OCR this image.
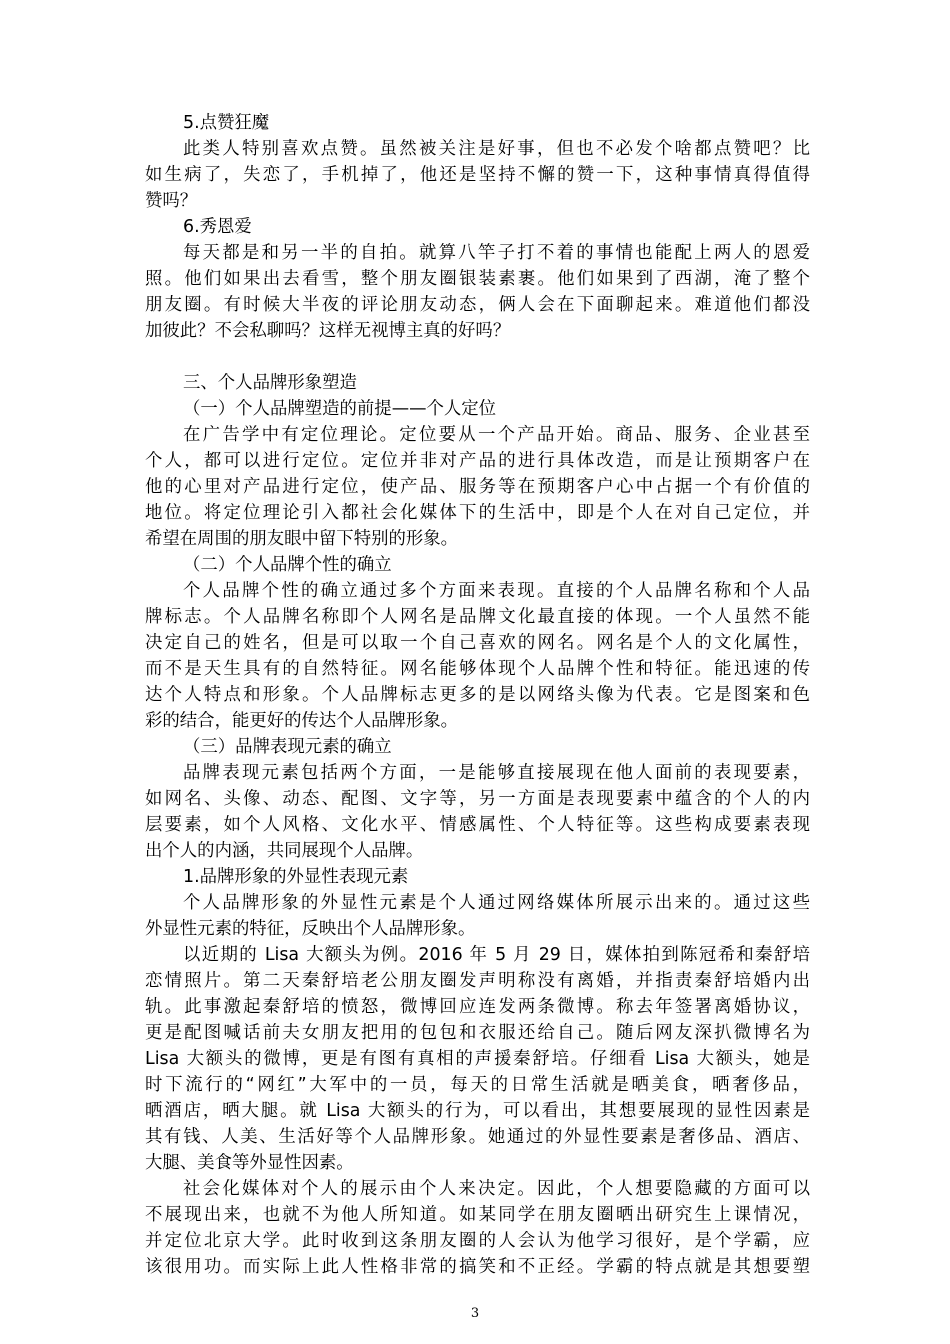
5.点赞狂魔
此类人特别喜欢点赞。虽然被关注是好事，但也不必发个啥都点赞吧？比
如生病了，失恋了，手机掉了，他还是坚持不懈的赞一下，这种事情真得值得
赞吗？
6.秀恩爱
每天都是和另一半的自拍。就算八竿子打不着的事情也能配上两人的恩爱
照。他们如果出去看雪，整个朋友圈银装素裹。他们如果到了西湖，淹了整个
朋友圈。有时候大半夜的评论朋友动态，俩人会在下面聊起来。难道他们都没
加彼此？不会私聊吗？这样无视博主真的好吗？
三、个人品牌形象塑造
（一）个人品牌塑造的前提——个人定位
在广告学中有定位理论。定位要从一个产品开始。商品、服务、企业甚至
个人，都可以进行定位。定位并非对产品的进行具体改造，而是让预期客户在
他的心里对产品进行定位，使产品、服务等在预期客户心中占据一个有价值的
地位。将定位理论引入都社会化媒体下的生活中，即是个人在对自己定位，并
希望在周围的朋友眼中留下特别的形象。
（二）个人品牌个性的确立
个人品牌个性的确立通过多个方面来表现。直接的个人品牌名称和个人品
牌标志。个人品牌名称即个人网名是品牌文化最直接的体现。一个人虽然不能
决定自己的姓名，但是可以取一个自己喜欢的网名。网名是个人的文化属性，
而不是天生具有的自然特征。网名能够体现个人品牌个性和特征。能迅速的传
达个人特点和形象。个人品牌标志更多的是以网络头像为代表。它是图案和色
彩的结合，能更好的传达个人品牌形象。
（三）品牌表现元素的确立
品牌表现元素包括两个方面，一是能够直接展现在他人面前的表现要素，
如网名、头像、动态、配图、文字等，另一方面是表现要素中蕴含的个人的内
层要素，如个人风格、文化水平、情感属性、个人特征等。这些构成要素表现
出个人的内涵，共同展现个人品牌。
1.品牌形象的外显性表现元素
个人品牌形象的外显性元素是个人通过网络媒体所展示出来的。通过这些
外显性元素的特征，反映出个人品牌形象。
以近期的 Lisa 大额头为例。2016 年 5 月 29 日，媒体拍到陈冠希和秦舒培
恋情照片。第二天秦舒培老公朋友圈发声明称没有离婚，并指责秦舒培婚内出
轨。此事激起秦舒培的愤怒，微博回应连发两条微博。称去年签署离婚协议，
更是配图喊话前夫女朋友把用的包包和衣服还给自己。随后网友深扒微博名为
Lisa 大额头的微博，更是有图有真相的声援秦舒培。仔细看 Lisa 大额头，她是
时下流行的“网红”大军中的一员，每天的日常生活就是晒美食，晒奢侈品，
晒酒店，晒大腿。就 Lisa 大额头的行为，可以看出，其想要展现的显性因素是
其有钱、人美、生活好等个人品牌形象。她通过的外显性要素是奢侈品、酒店、
大腿、美食等外显性因素。
社会化媒体对个人的展示由个人来决定。因此，个人想要隐藏的方面可以
不展现出来，也就不为他人所知道。如某同学在朋友圈晒出研究生上课情况，
并定位北京大学。此时收到这条朋友圈的人会认为他学习很好，是个学霸，应
该很用功。而实际上此人性格非常的搞笑和不正经。学霸的特点就是其想要塑
3
